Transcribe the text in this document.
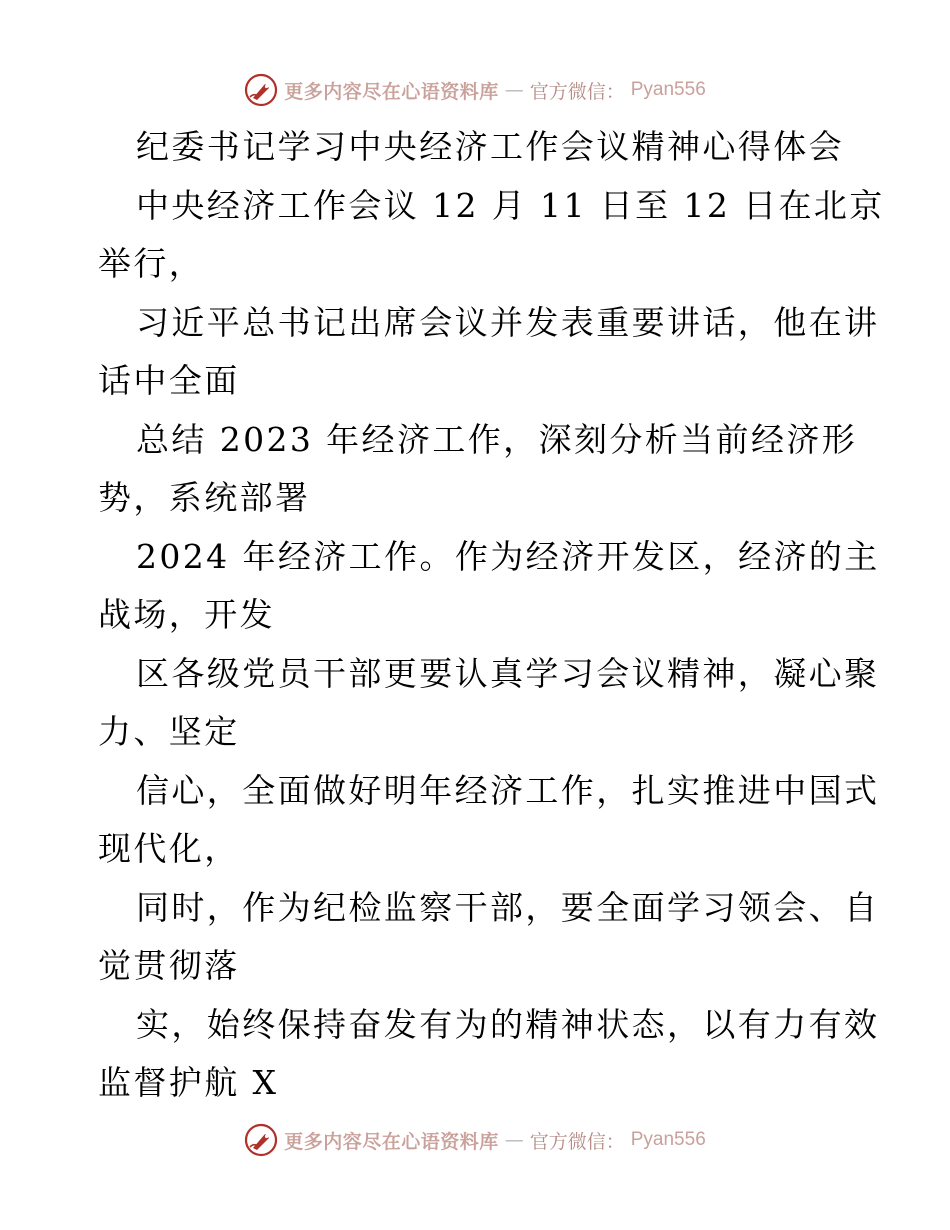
更多内容尽在心语资料库 — 官方微信： Pyan556
纪委书记学习中央经济工作会议精神心得体会
中央经济工作会议 12 月 11 日至 12 日在北京
举行，
习近平总书记出席会议并发表重要讲话，他在讲
话中全面
总结 2023 年经济工作，深刻分析当前经济形
势，系统部署
2024 年经济工作。作为经济开发区，经济的主
战场，开发
区各级党员干部更要认真学习会议精神，凝心聚
力、坚定
信心，全面做好明年经济工作，扎实推进中国式
现代化，
同时，作为纪检监察干部，要全面学习领会、自
觉贯彻落
实，始终保持奋发有为的精神状态，以有力有效
监督护航 X
更多内容尽在心语资料库 — 官方微信： Pyan556
